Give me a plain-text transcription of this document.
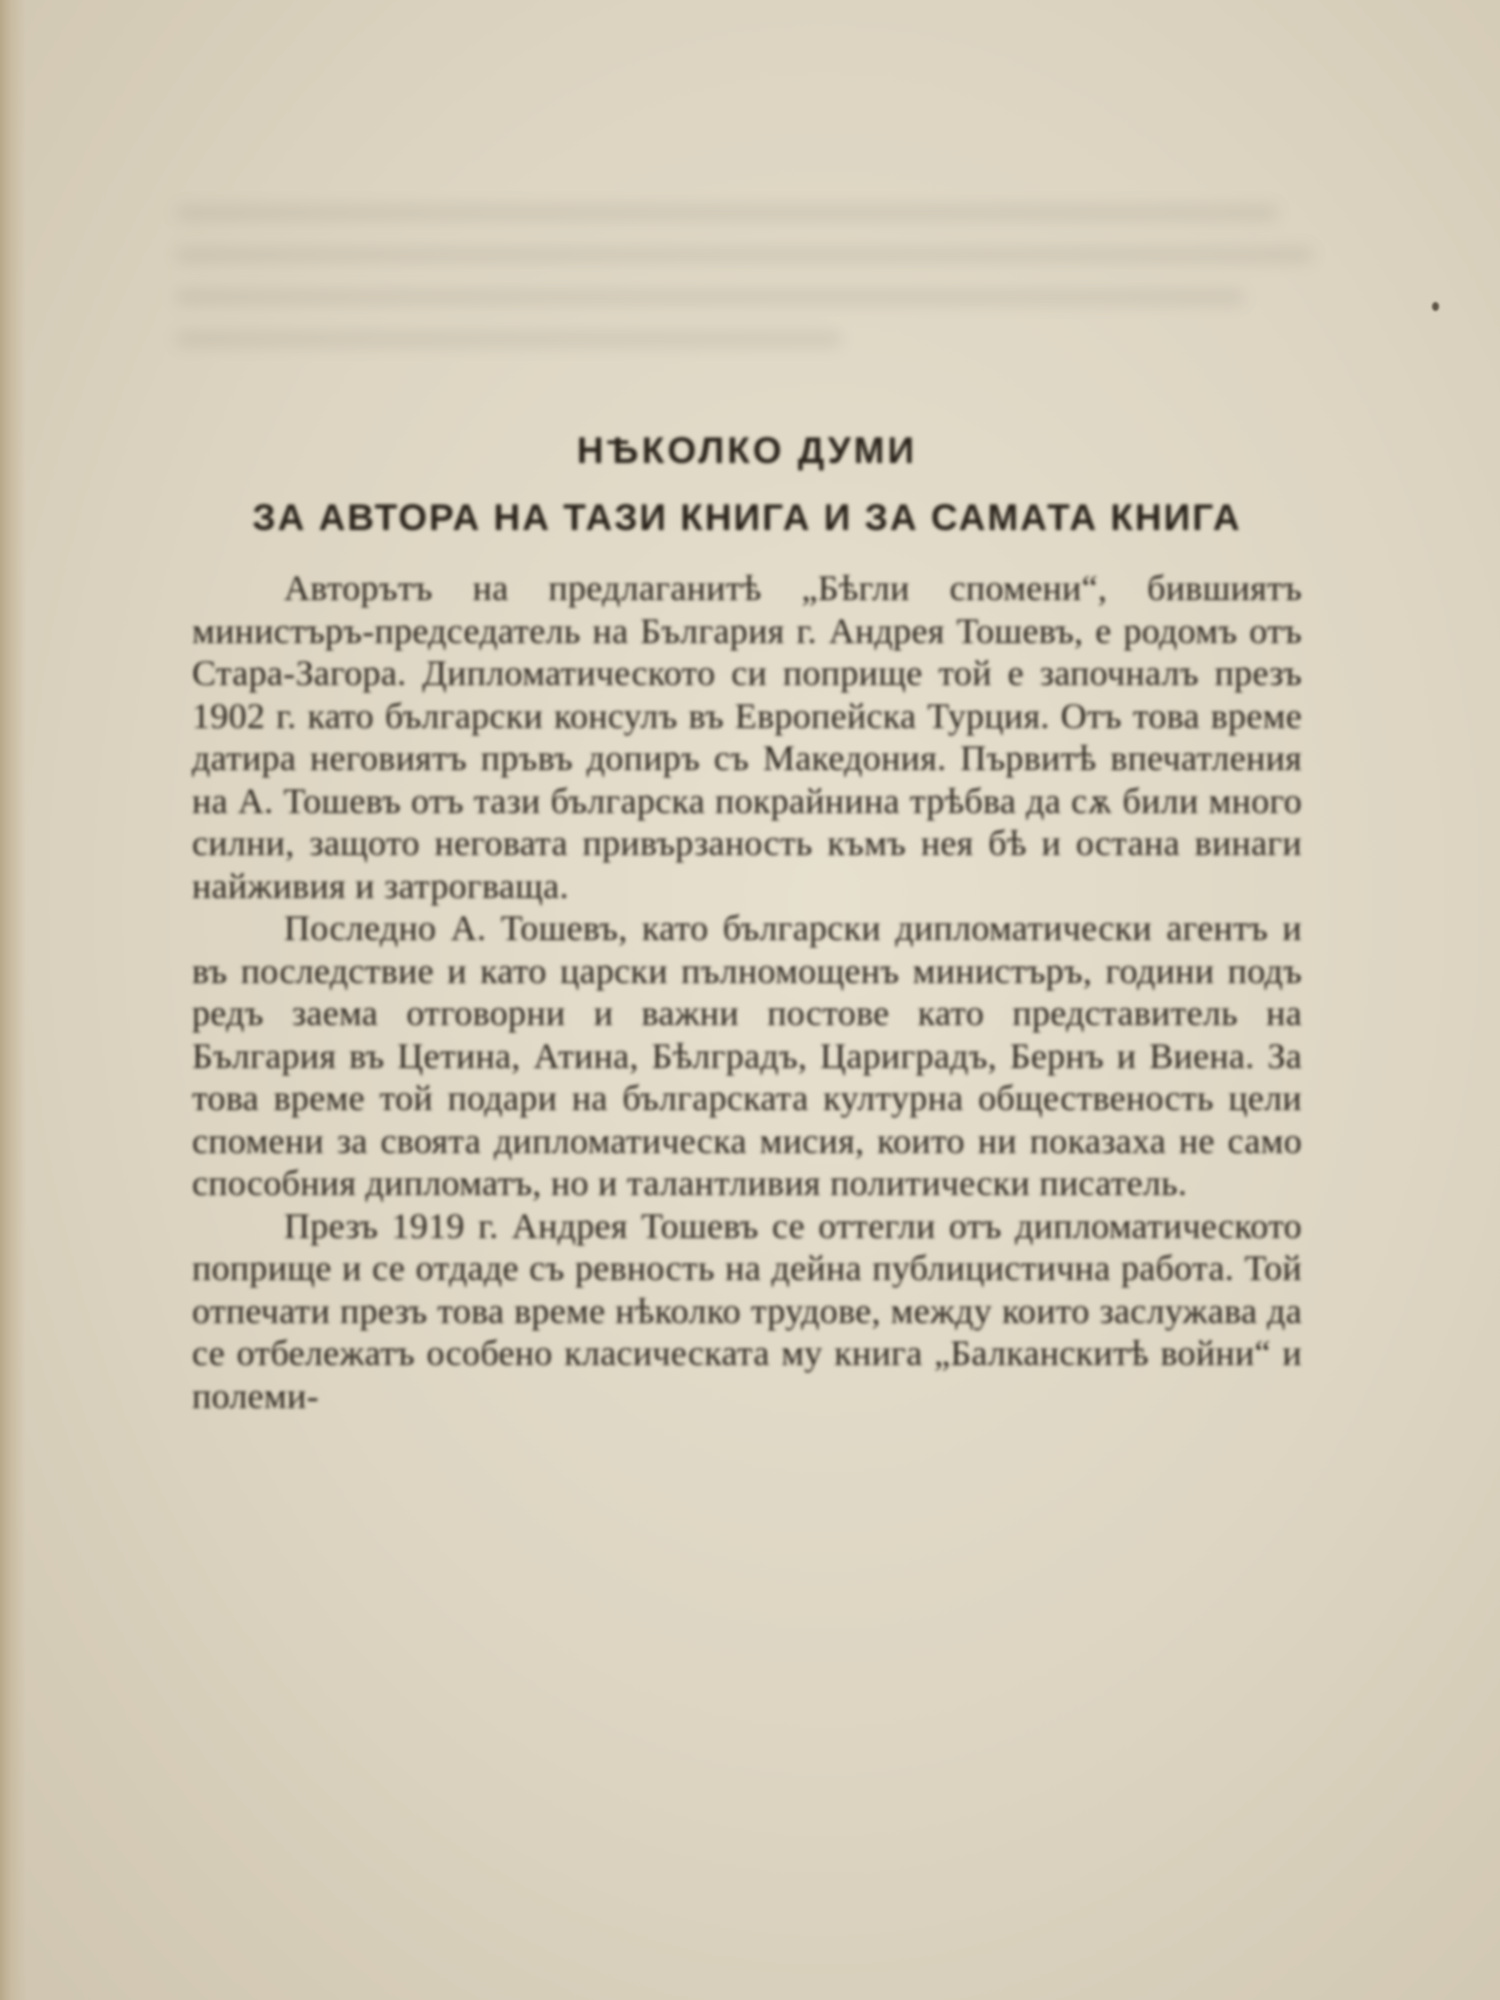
НѢКОЛКО ДУМИ
ЗА АВТОРА НА ТАЗИ КНИГА И ЗА САМАТА КНИГА

Авторътъ на предлаганитѣ „Бѣгли спомени“, бившиятъ министъръ-председатель на България г. Андрея Тошевъ, е родомъ отъ Стара-Загора. Дипломатическото си поприще той е започналъ презъ 1902 г. като български консулъ въ Европейска Турция. Отъ това време датира неговиятъ пръвъ допиръ съ Македония. Първитѣ впечатления на А. Тошевъ отъ тази българска покрайнина трѣбва да сѫ били много силни, защото неговата привързаность къмъ нея бѣ и остана винаги найживия и затрогваща.

Последно А. Тошевъ, като български дипломатически агентъ и въ последствие и като царски пълномощенъ министъръ, години подъ редъ заема отговорни и важни постове като представитель на България въ Цетина, Атина, Бѣлградъ, Цариградъ, Бернъ и Виена. За това време той подари на българската културна общественость цели спомени за своята дипломатическа мисия, които ни показаха не само способния дипломатъ, но и талантливия политически писатель.

Презъ 1919 г. Андрея Тошевъ се оттегли отъ дипломатическото поприще и се отдаде съ ревность на дейна публицистична работа. Той отпечати презъ това време нѣколко трудове, между които заслужава да се отбележатъ особено класическата му книга „Балканскитѣ войни“ и полеми-
